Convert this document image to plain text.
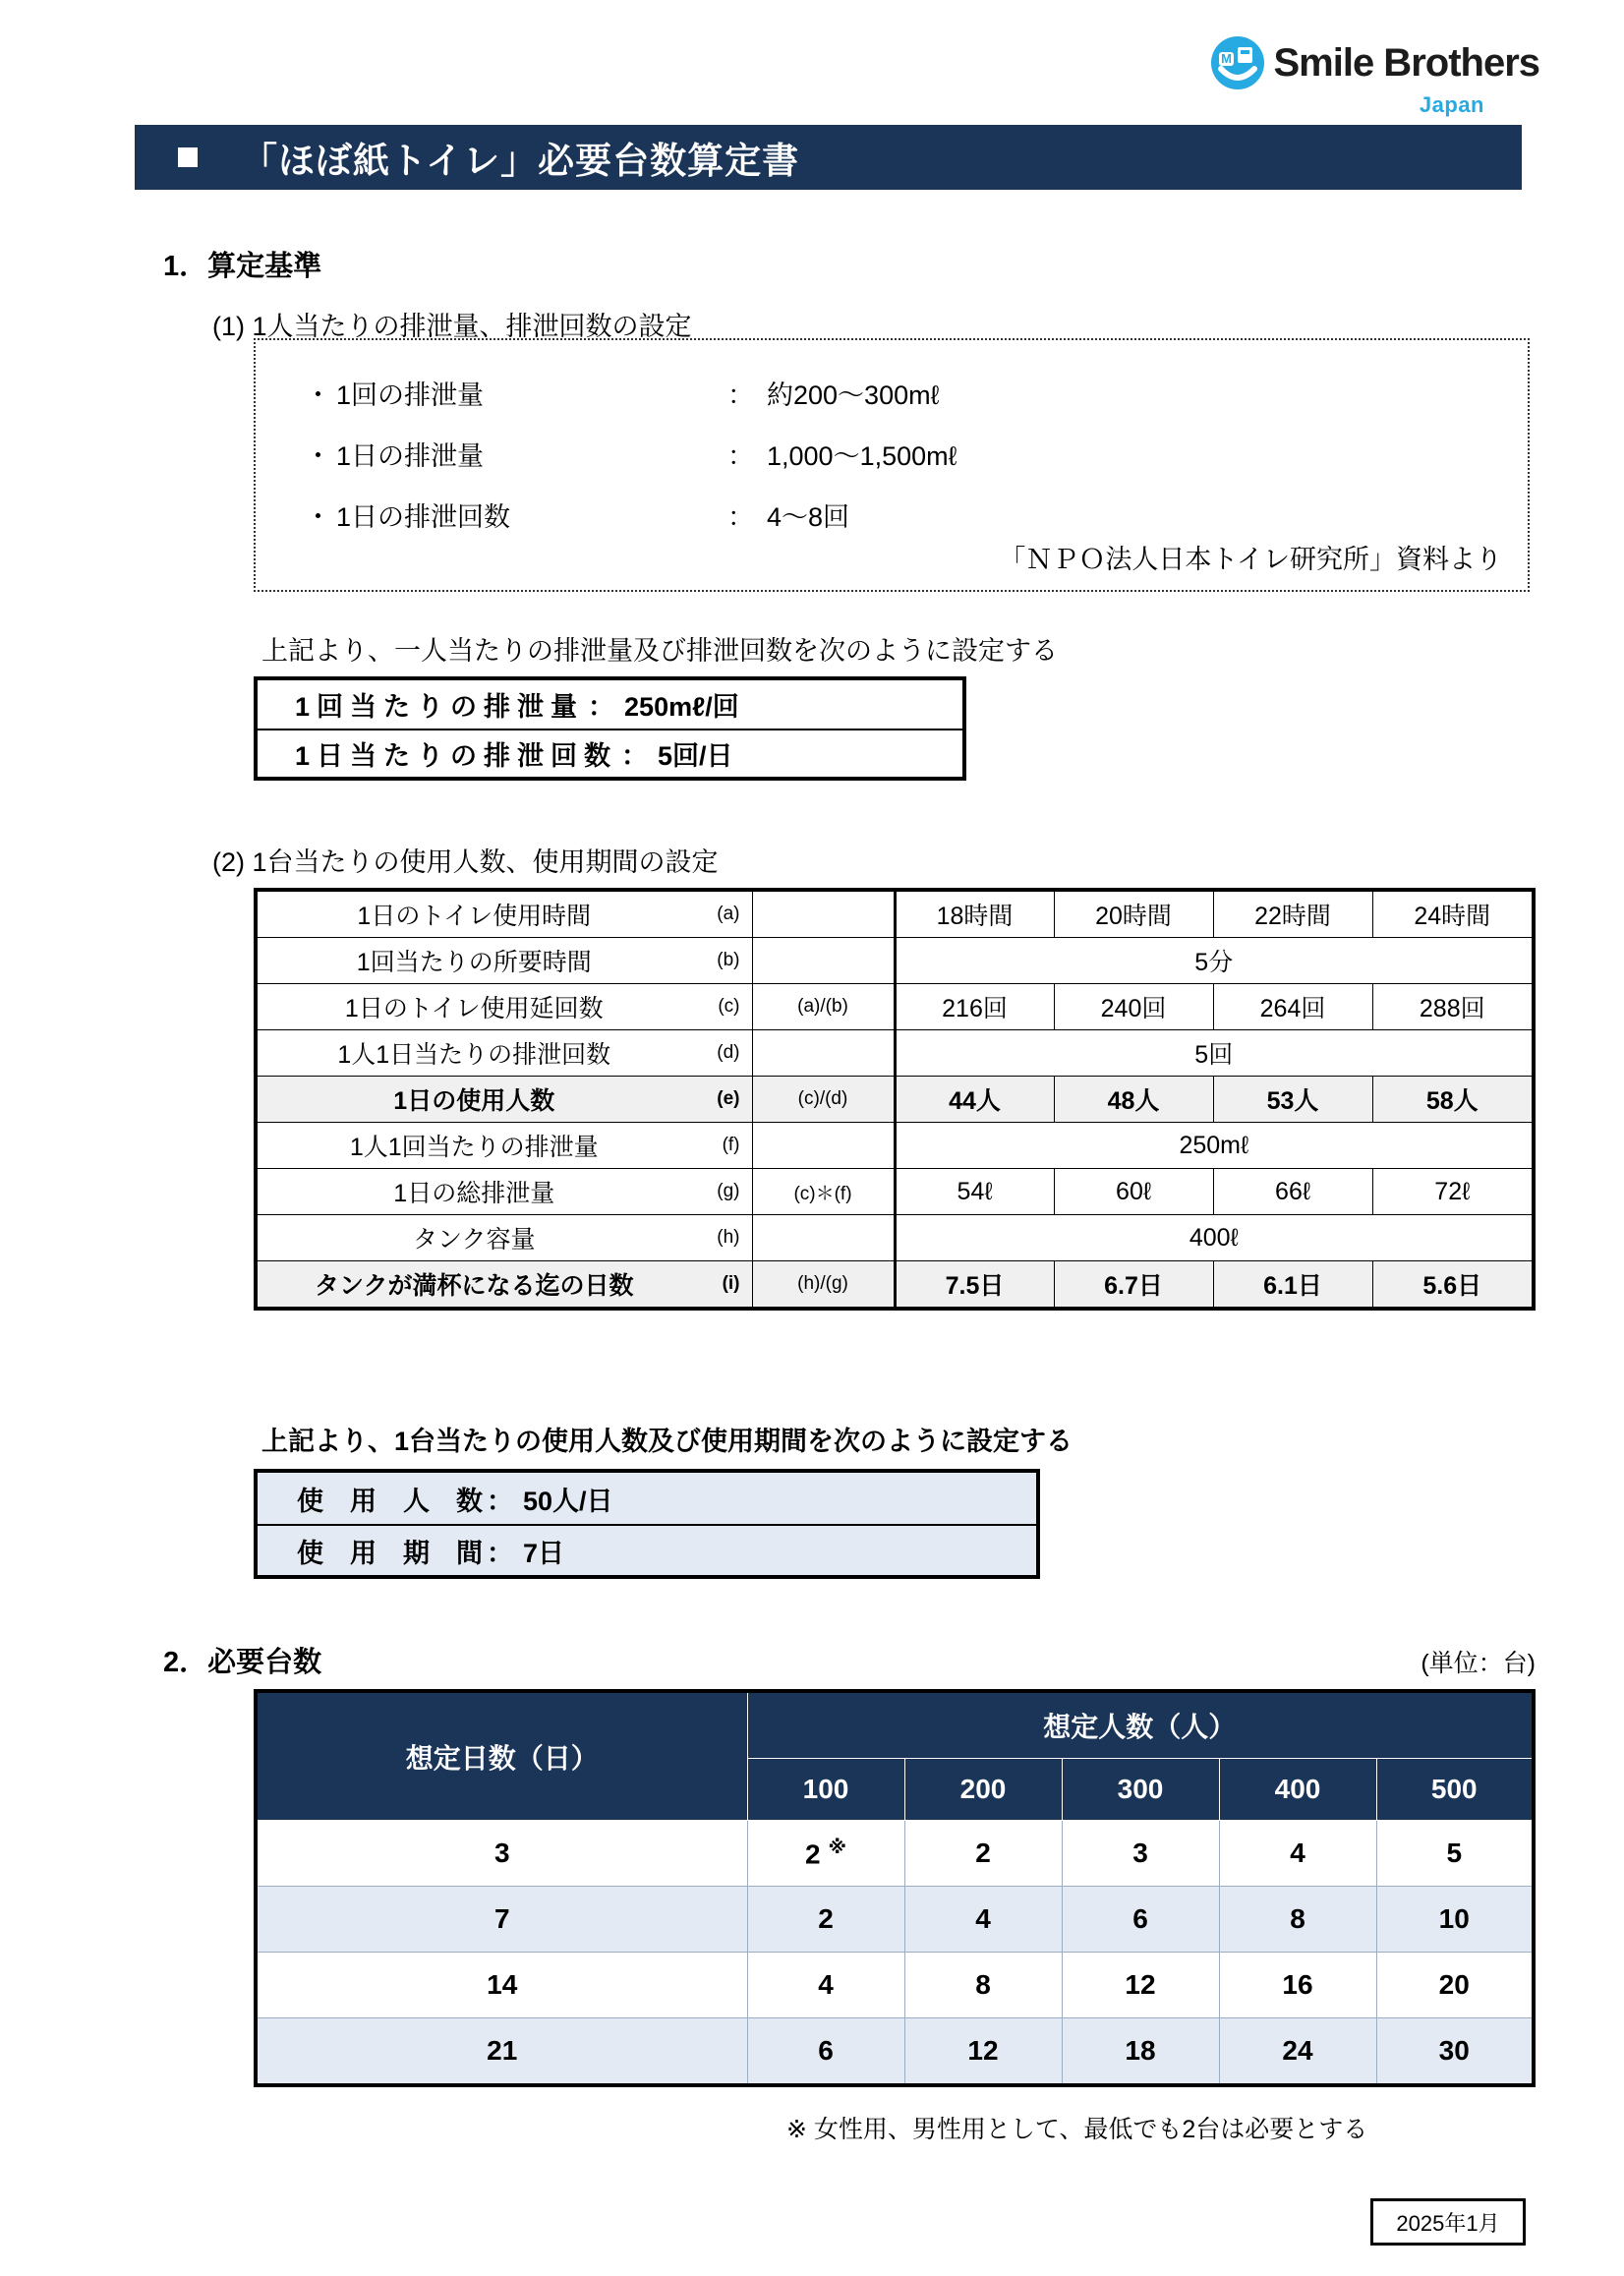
M Smile Brothers
Japan
「ほぼ紙トイレ」必要台数算定書
1．算定基準
(1) 1人当たりの排泄量、排泄回数の設定
・ 1回の排泄量	： 約200〜300mℓ
・ 1日の排泄量	： 1,000〜1,500mℓ
・ 1日の排泄回数	： 4〜8回
「ＮＰＯ法人日本トイレ研究所」資料より
上記より、一人当たりの排泄量及び排泄回数を次のように設定する
1回当たりの排泄量 ： 250mℓ/回
1日当たりの排泄回数 ： 5回/日
(2) 1台当たりの使用人数、使用期間の設定
1日のトイレ使用時間 (a)		18時間	20時間	22時間	24時間
1回当たりの所要時間 (b)		5分			
1日のトイレ使用延回数 (c)	(a)/(b)	216回	240回	264回	288回
1人1日当たりの排泄回数 (d)		5回			
1日の使用人数 (e)	(c)/(d)	44人	48人	53人	58人
1人1回当たりの排泄量 (f)		250mℓ			
1日の総排泄量 (g)	(c)＊(f)	54ℓ	60ℓ	66ℓ	72ℓ
タンク容量 (h)		400ℓ			
タンクが満杯になる迄の日数 (i)	(h)/(g)	7.5日	6.7日	6.1日	5.6日
上記より、1台当たりの使用人数及び使用期間を次のように設定する
使　用　人　数 ： 50人/日
使　用　期　間 ： 7日
2．必要台数	(単位：台)
想定日数（日）	想定人数（人）				
	100	200	300	400	500
3	2 ※	2	3	4	5
7	2	4	6	8	10
14	4	8	12	16	20
21	6	12	18	24	30
※ 女性用、男性用として、最低でも2台は必要とする
2025年1月
